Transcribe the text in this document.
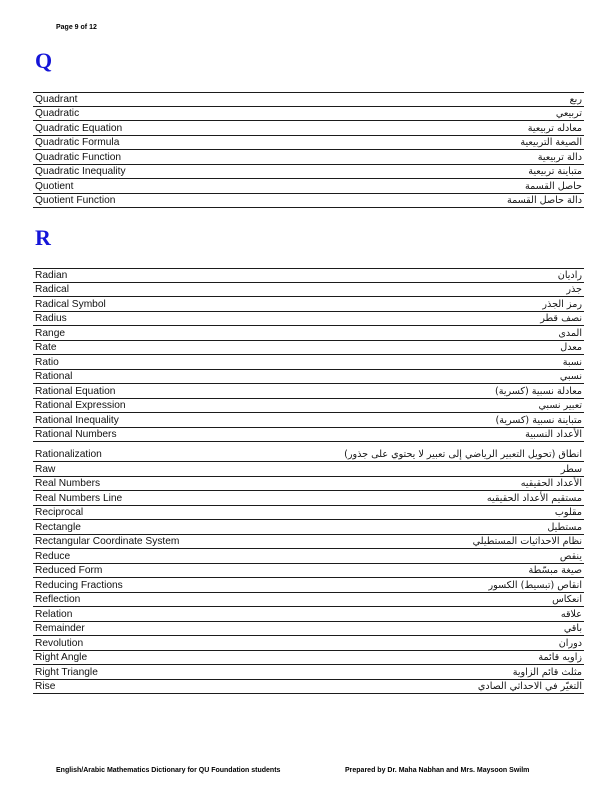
Page 9 of 12
Q
Quadrant	ربع
Quadratic	تربيعي
Quadratic Equation	معادله تربيعية
Quadratic Formula	الصيغة التربيعية
Quadratic Function	دالة تربيعية
Quadratic Inequality	متباينة تربيعية
Quotient	حاصل القسمة
Quotient Function	دالة حاصل القسمة
R
Radian	راديان
Radical	جذر
Radical Symbol	رمز الجذر
Radius	نصف قطر
Range	المدى
Rate	معدل
Ratio	نسبة
Rational	نسبي
Rational Equation	معادلة نسبية (كسرية)
Rational Expression	تعبير نسبي
Rational Inequality	متباينة نسبية (كسرية)
Rational Numbers	الأعداد النسبية
Rationalization	انطاق (تحويل التعبير الرياضي إلى تعبير لا يحتوي على جذور)
Raw	سطر
Real Numbers	الأعداد الحقيقيه
Real Numbers Line	مستقيم الأعداد الحقيقيه
Reciprocal	مقلوب
Rectangle	مستطيل
Rectangular Coordinate System	نظام الاحداثيات المستطيلي
Reduce	ينقص
Reduced Form	صيغة مبسّطة
Reducing Fractions	انقاص (تبسيط) الكسور
Reflection	انعكاس
Relation	علاقه
Remainder	باقي
Revolution	دوران
Right Angle	زاويه قائمة
Right Triangle	مثلث قائم الزاوية
Rise	التغيّر في الاحداثي الصادي
English/Arabic Mathematics Dictionary for QU Foundation students	Prepared by Dr. Maha Nabhan and Mrs. Maysoon Swilm
